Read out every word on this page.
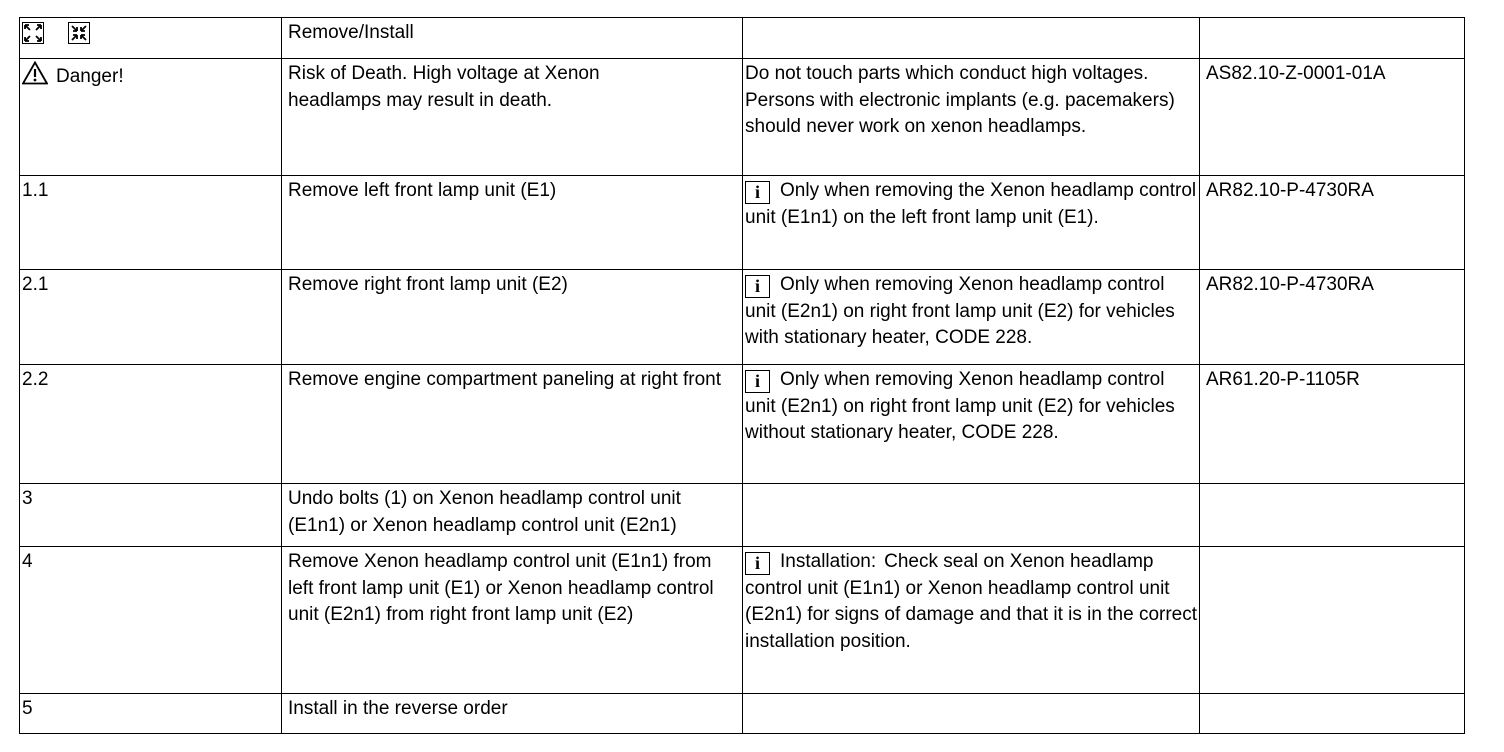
	Remove/Install		
Danger!	Risk of Death. High voltage at Xenon headlamps may result in death.	Do not touch parts which conduct high voltages. Persons with electronic implants (e.g. pacemakers) should never work on xenon headlamps.	AS82.10-Z-0001-01A
1.1	Remove left front lamp unit (E1)	i Only when removing the Xenon headlamp control unit (E1n1) on the left front lamp unit (E1).	AR82.10-P-4730RA
2.1	Remove right front lamp unit (E2)	i Only when removing Xenon headlamp control unit (E2n1) on right front lamp unit (E2) for vehicles with stationary heater, CODE 228.	AR82.10-P-4730RA
2.2	Remove engine compartment paneling at right front	i Only when removing Xenon headlamp control unit (E2n1) on right front lamp unit (E2) for vehicles without stationary heater, CODE 228.	AR61.20-P-1105R
3	Undo bolts (1) on Xenon headlamp control unit (E1n1) or Xenon headlamp control unit (E2n1)		
4	Remove Xenon headlamp control unit (E1n1) from left front lamp unit (E1) or Xenon headlamp control unit (E2n1) from right front lamp unit (E2)	i Installation: Check seal on Xenon headlamp control unit (E1n1) or Xenon headlamp control unit (E2n1) for signs of damage and that it is in the correct installation position.	
5	Install in the reverse order		
